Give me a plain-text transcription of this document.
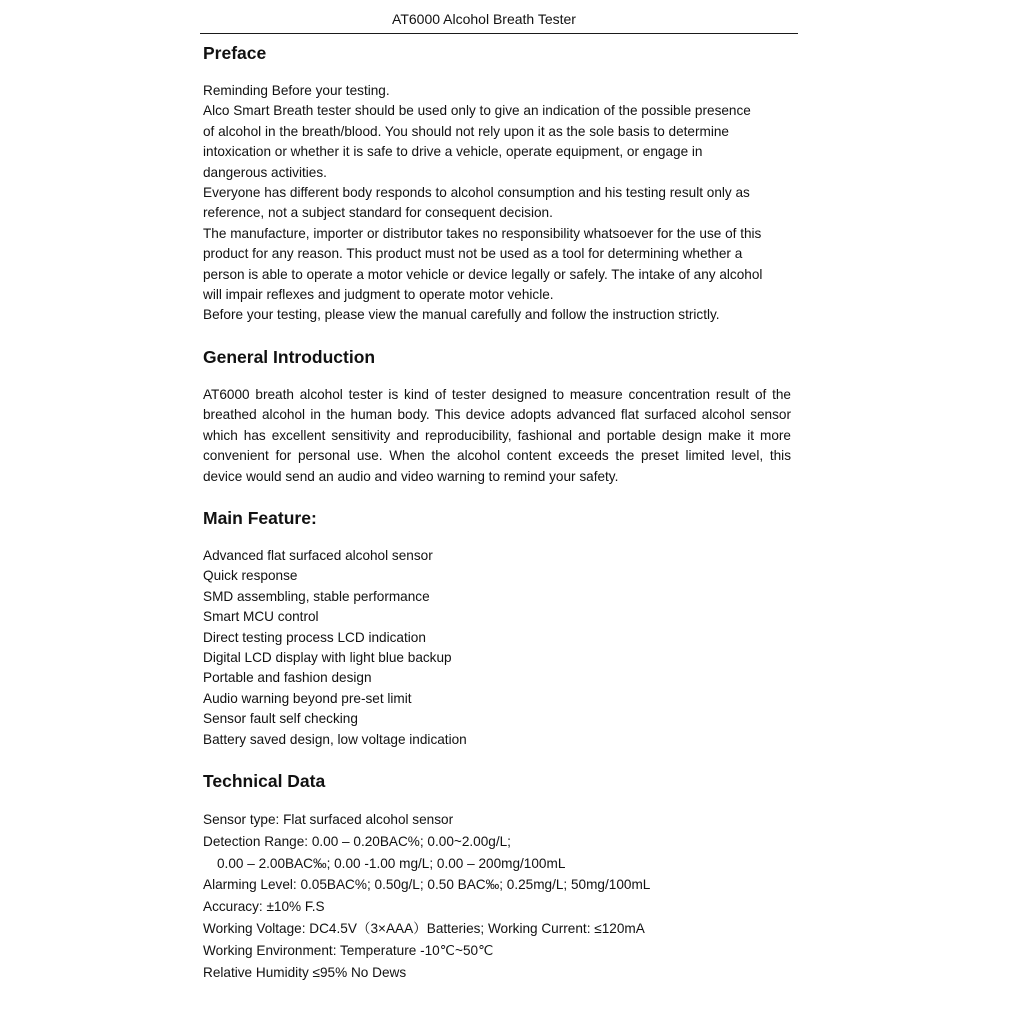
AT6000 Alcohol Breath Tester
Preface
Reminding Before your testing.
Alco Smart Breath tester should be used only to give an indication of the possible presence
of alcohol in the breath/blood. You should not rely upon it as the sole basis to determine
intoxication or whether it is safe to drive a vehicle, operate equipment, or engage in
dangerous activities.
Everyone has different body responds to alcohol consumption and his testing result only as
reference, not a subject standard for consequent decision.
The manufacture, importer or distributor takes no responsibility whatsoever for the use of this
product for any reason. This product must not be used as a tool for determining whether a
person is able to operate a motor vehicle or device legally or safely. The intake of any alcohol
will impair reflexes and judgment to operate motor vehicle.
Before your testing, please view the manual carefully and follow the instruction strictly.
General Introduction

AT6000 breath alcohol tester is kind of tester designed to measure concentration result of the breathed alcohol in the human body. This device adopts advanced flat surfaced alcohol sensor which has excellent sensitivity and reproducibility, fashional and portable design make it more convenient for personal use. When the alcohol content exceeds the preset limited level, this device would send an audio and video warning to remind your safety.

Main Feature:
Advanced flat surfaced alcohol sensor
Quick response
SMD assembling, stable performance
Smart MCU control
Direct testing process LCD indication
Digital LCD display with light blue backup
Portable and fashion design
Audio warning beyond pre-set limit
Sensor fault self checking
Battery saved design, low voltage indication
Technical Data
Sensor type: Flat surfaced alcohol sensor
Detection Range: 0.00 – 0.20BAC%; 0.00~2.00g/L;
0.00 – 2.00BAC‰; 0.00 -1.00 mg/L; 0.00 – 200mg/100mL
Alarming Level: 0.05BAC%; 0.50g/L; 0.50 BAC‰; 0.25mg/L; 50mg/100mL
Accuracy: ±10% F.S
Working Voltage: DC4.5V（3×AAA）Batteries; Working Current: ≤120mA
Working Environment: Temperature -10℃~50℃
Relative Humidity ≤95% No Dews
